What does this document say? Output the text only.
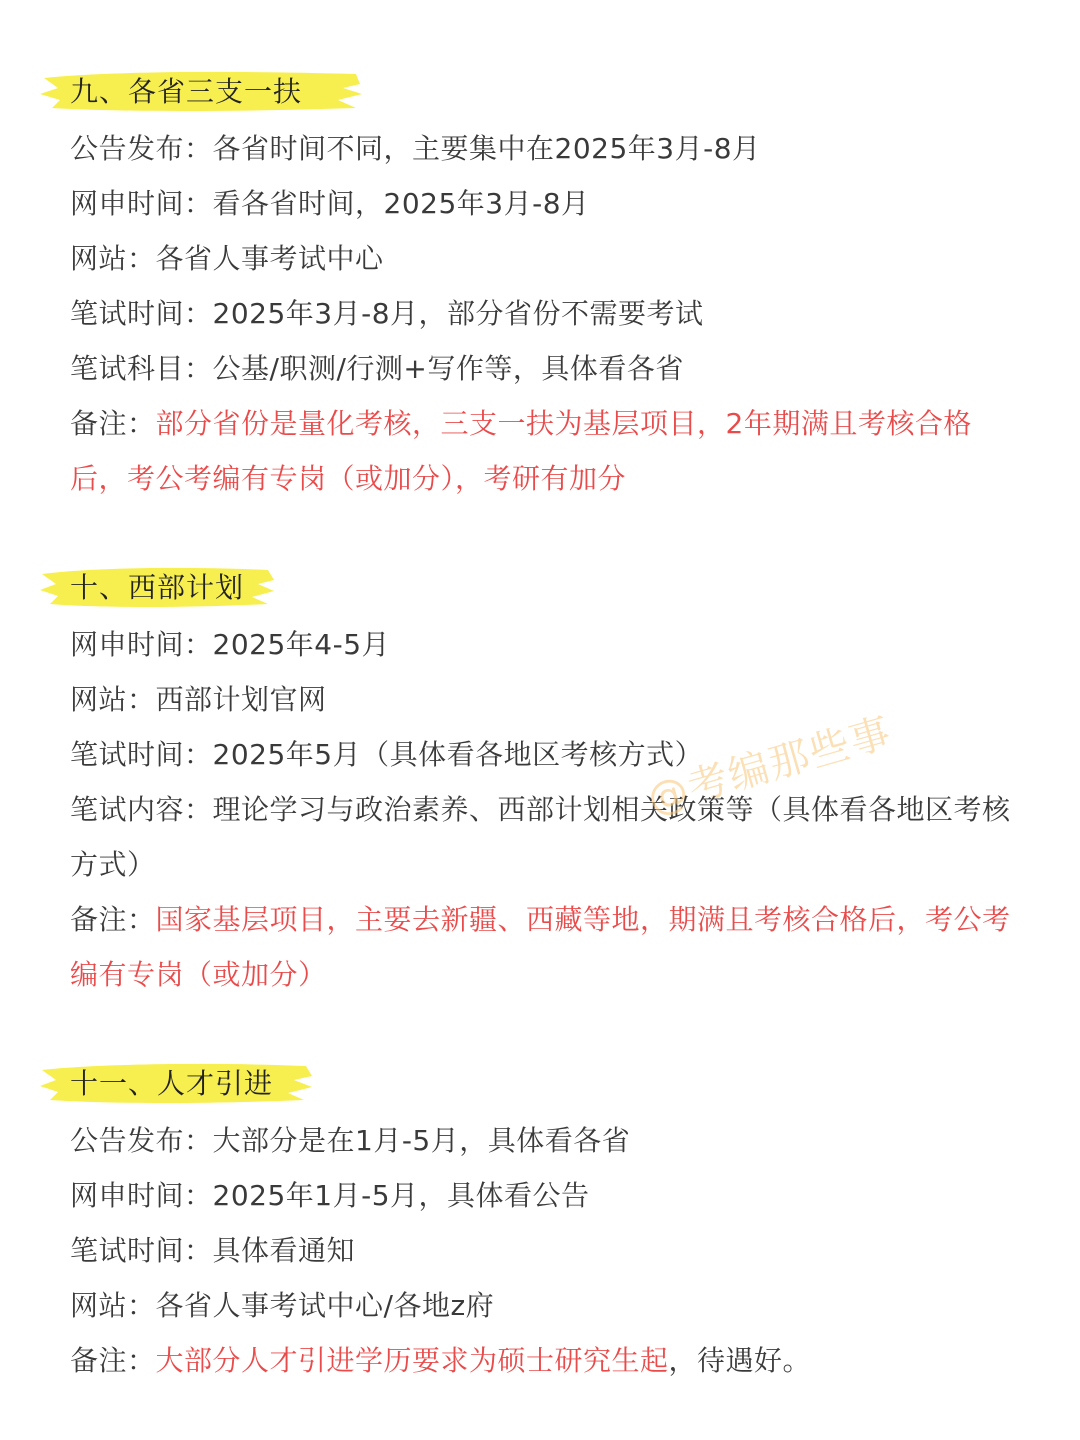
九、各省三支一扶
公告发布：各省时间不同，主要集中在2025年3月-8月
网申时间：看各省时间，2025年3月-8月
网站：各省人事考试中心
笔试时间：2025年3月-8月，部分省份不需要考试
笔试科目：公基/职测/行测+写作等，具体看各省
备注：部分省份是量化考核，三支一扶为基层项目，2年期满且考核合格后，考公考编有专岗（或加分），考研有加分
十、西部计划
网申时间：2025年4-5月
网站：西部计划官网
笔试时间：2025年5月（具体看各地区考核方式）
笔试内容：理论学习与政治素养、西部计划相关政策等（具体看各地区考核方式）
备注：国家基层项目，主要去新疆、西藏等地，期满且考核合格后，考公考编有专岗（或加分）
十一、人才引进
公告发布：大部分是在1月-5月，具体看各省
网申时间：2025年1月-5月，具体看公告
笔试时间：具体看通知
网站：各省人事考试中心/各地z府
备注：大部分人才引进学历要求为硕士研究生起，待遇好。
@考编那些事
